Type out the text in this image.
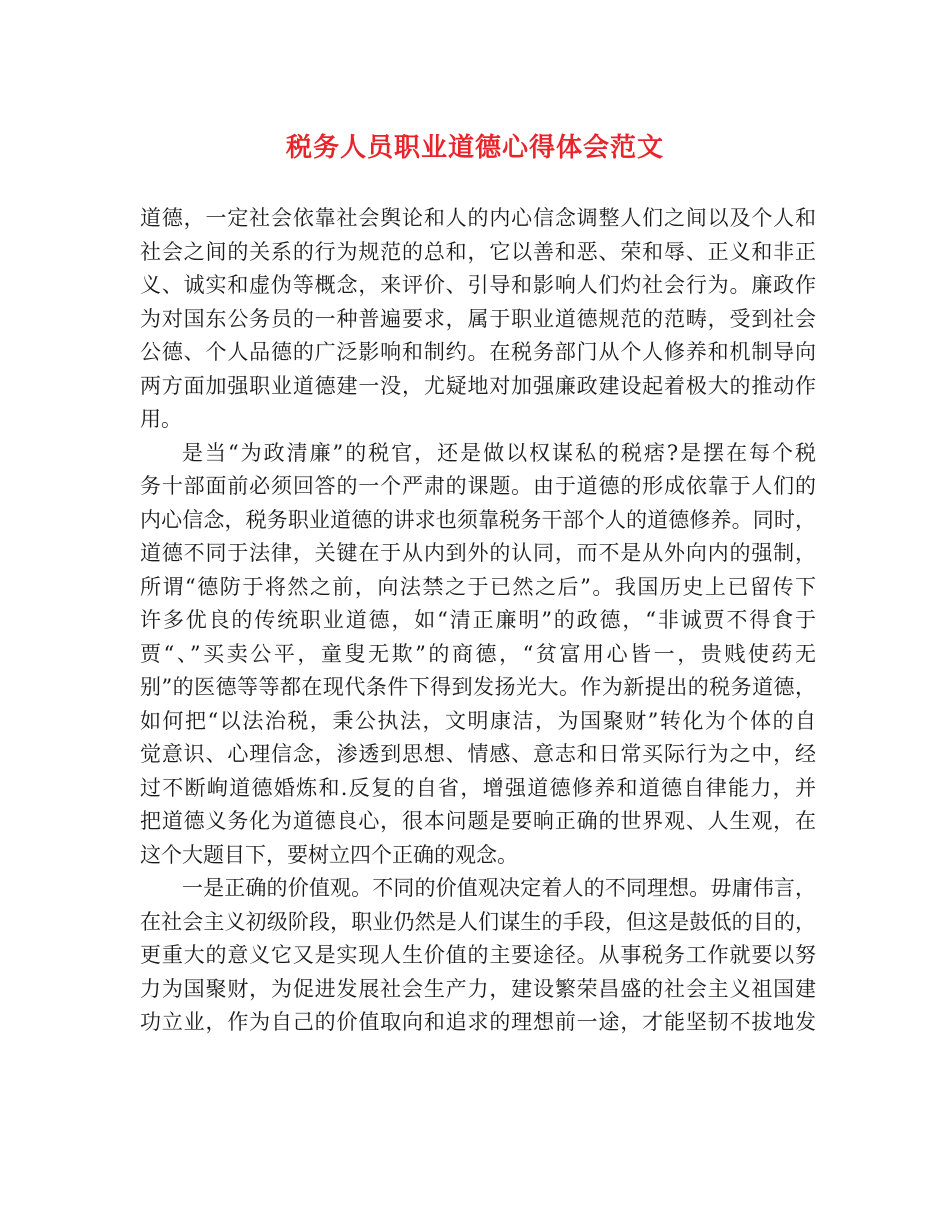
税务人员职业道德心得体会范文
道德，一定社会依靠社会舆论和人的内心信念调整人们之间以及个人和
社会之间的关系的行为规范的总和，它以善和恶、荣和辱、正义和非正
义、诚实和虚伪等概念，来评价、引导和影响人们灼社会行为。廉政作
为对国东公务员的一种普遍要求，属于职业道德规范的范畴，受到社会
公德、个人品德的广泛影响和制约。在税务部门从个人修养和机制导向
两方面加强职业道德建一没，尤疑地对加强廉政建设起着极大的推动作
用。
是当“为政清廉”的税官，还是做以权谋私的税痞?是摆在每个税
务十部面前必须回答的一个严肃的课题。由于道德的形成依靠于人们的
内心信念，税务职业道德的讲求也须靠税务干部个人的道德修养。同时，
道德不同于法律，关键在于从内到外的认同，而不是从外向内的强制，
所谓“德防于将然之前，向法禁之于已然之后”。我国历史上已留传下
许多优良的传统职业道德，如“清正廉明”的政德，“非诚贾不得食于
贾“、”买卖公平，童叟无欺”的商德，“贫富用心皆一，贵贱使药无
别”的医德等等都在现代条件下得到发扬光大。作为新提出的税务道德，
如何把“以法治税，秉公执法，文明康洁，为国聚财”转化为个体的自
觉意识、心理信念，渗透到思想、情感、意志和日常买际行为之中，经
过不断峋道德婚炼和.反复的自省，增强道德修养和道德自律能力，并
把道德义务化为道德良心，很本问题是要晌正确的世界观、人生观，在
这个大题目下，要树立四个正确的观念。
一是正确的价值观。不同的价值观决定着人的不同理想。毋庸伟言，
在社会主义初级阶段，职业仍然是人们谋生的手段，但这是鼓低的目的，
更重大的意义它又是实现人生价值的主要途径。从事税务工作就要以努
力为国聚财，为促进发展社会生产力，建设繁荣昌盛的社会主义祖国建
功立业，作为自己的价值取向和追求的理想前一途，才能坚韧不拔地发
